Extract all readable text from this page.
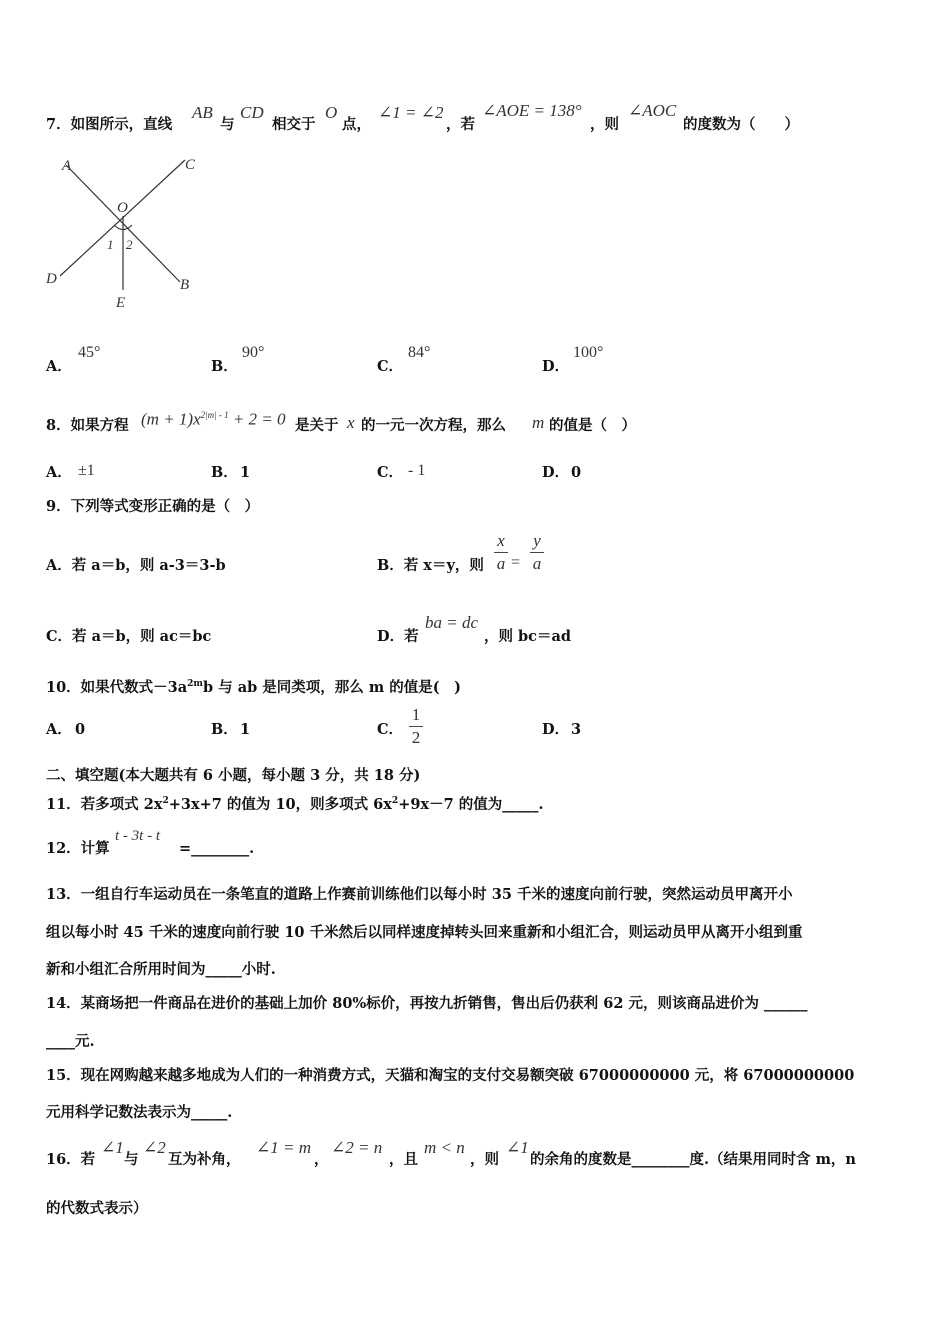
7．如图所示，直线
AB
与
CD
相交于
O
点，
∠1 = ∠2
，若
∠AOE = 138°
，则
∠AOC
的度数为（　　）
A	C
O
1 2
D	B
E
A．
45°
B．
90°
C．
84°
D．
100°
8．如果方程 $(m + 1)x^{2|m| - 1} + 2 = 0$ 是关于 x 的一元一次方程，那么 m 的值是（　）
A． ±1	B． 1	C． - 1	D． 0
9．下列等式变形正确的是（　）
A．若 a＝b，则 a-3＝3-b	B．若 x＝y，则
x
a =
y
a
C．若 a＝b，则 ac＝bc	D．若
ba = dc
，则 bc＝ad
10．如果代数式$-3a^{2m}b$ 与 ab 是同类项，那么 m 的值是(　)
A． 0	B． 1	C．
1
2	D． 3
二、填空题(本大题共有 6 小题，每小题 3 分，共 18 分)
11．若多项式 $2x^2+3x+7$ 的值为 10，则多项式 $6x^2+9x-7$ 的值为_____.
12．计算
t - 3t - t
=________.
13．一组自行车运动员在一条笔直的道路上作赛前训练他们以每小时 35 千米的速度向前行驶，突然运动员甲离开小
组以每小时 45 千米的速度向前行驶 10 千米然后以同样速度掉转头回来重新和小组汇合，则运动员甲从离开小组到重
新和小组汇合所用时间为_____小时.
14．某商场把一件商品在进价的基础上加价 80%标价，再按九折销售，售出后仍获利 62 元，则该商品进价为 ______
____元.
15．现在网购越来越多地成为人们的一种消费方式，天猫和淘宝的支付交易额突破 67000000000 元，将 67000000000
元用科学记数法表示为_____.
16．若
∠1
与
∠2
互为补角，
∠1 = m
，
∠2 = n
，且
m < n
，则
∠1
的余角的度数是________度.（结果用同时含 m，n
的代数式表示）
